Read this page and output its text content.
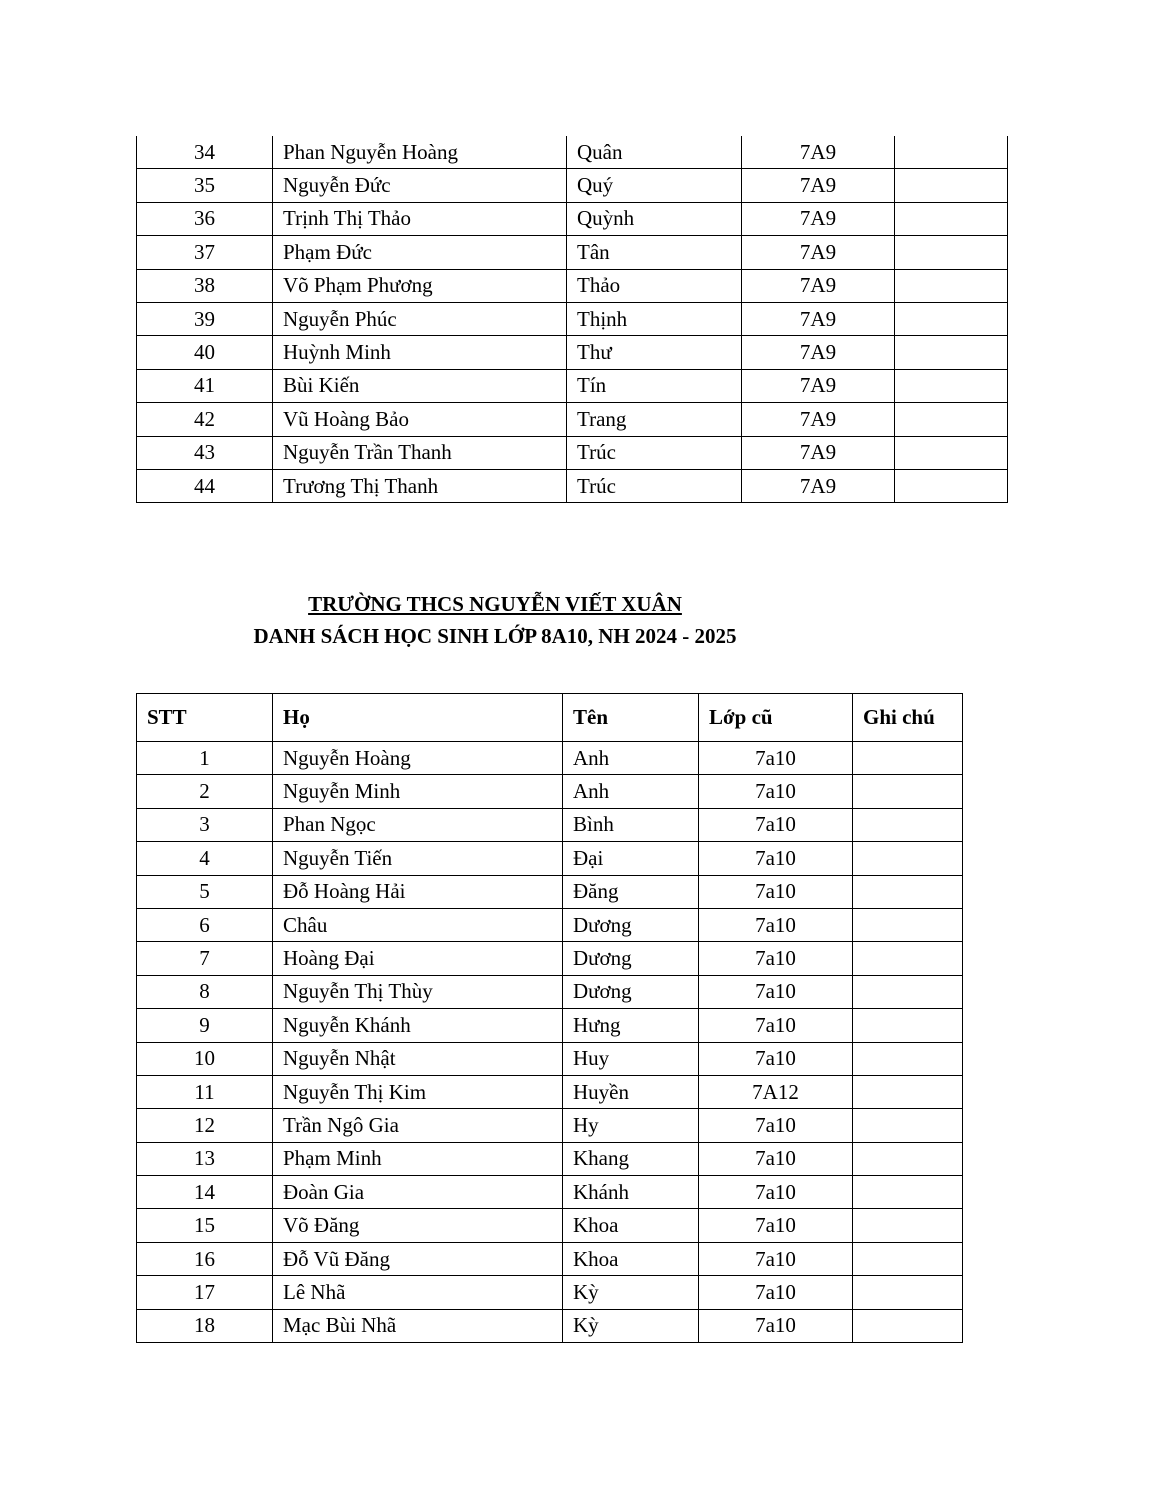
34	Phan Nguyễn Hoàng	Quân	7A9	
35	Nguyễn Đức	Quý	7A9	
36	Trịnh Thị Thảo	Quỳnh	7A9	
37	Phạm Đức	Tân	7A9	
38	Võ Phạm Phương	Thảo	7A9	
39	Nguyễn Phúc	Thịnh	7A9	
40	Huỳnh Minh	Thư	7A9	
41	Bùi Kiến	Tín	7A9	
42	Vũ Hoàng Bảo	Trang	7A9	
43	Nguyễn Trần Thanh	Trúc	7A9	
44	Trương Thị Thanh	Trúc	7A9	
TRƯỜNG THCS NGUYỄN VIẾT XUÂN
DANH SÁCH HỌC SINH LỚP 8A10, NH 2024 - 2025
STT	Họ	Tên	Lớp cũ	Ghi chú
1	Nguyễn Hoàng	Anh	7a10	
2	Nguyễn Minh	Anh	7a10	
3	Phan Ngọc	Bình	7a10	
4	Nguyễn Tiến	Đại	7a10	
5	Đỗ Hoàng Hải	Đăng	7a10	
6	Châu	Dương	7a10	
7	Hoàng Đại	Dương	7a10	
8	Nguyễn Thị Thùy	Dương	7a10	
9	Nguyễn Khánh	Hưng	7a10	
10	Nguyễn Nhật	Huy	7a10	
11	Nguyễn Thị Kim	Huyền	7A12	
12	Trần Ngô Gia	Hy	7a10	
13	Phạm Minh	Khang	7a10	
14	Đoàn Gia	Khánh	7a10	
15	Võ Đăng	Khoa	7a10	
16	Đỗ Vũ Đăng	Khoa	7a10	
17	Lê Nhã	Kỳ	7a10	
18	Mạc Bùi Nhã	Kỳ	7a10	
